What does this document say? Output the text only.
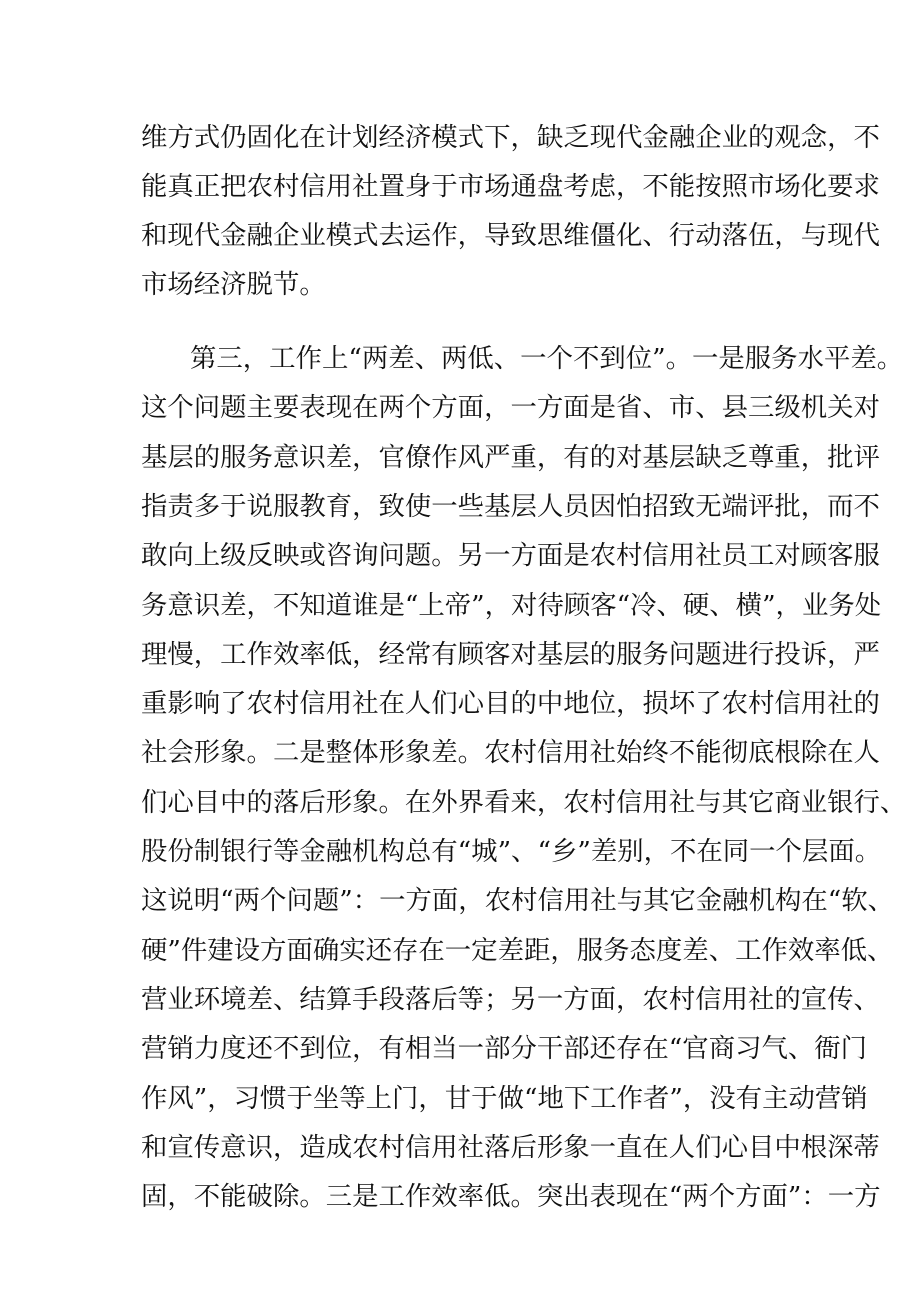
维方式仍固化在计划经济模式下，缺乏现代金融企业的观念，不
能真正把农村信用社置身于市场通盘考虑，不能按照市场化要求
和现代金融企业模式去运作，导致思维僵化、行动落伍，与现代
市场经济脱节。
第三，工作上“两差、两低、一个不到位”。一是服务水平差。
这个问题主要表现在两个方面，一方面是省、市、县三级机关对
基层的服务意识差，官僚作风严重，有的对基层缺乏尊重，批评
指责多于说服教育，致使一些基层人员因怕招致无端评批，而不
敢向上级反映或咨询问题。另一方面是农村信用社员工对顾客服
务意识差，不知道谁是“上帝”，对待顾客“冷、硬、横”，业务处
理慢，工作效率低，经常有顾客对基层的服务问题进行投诉，严
重影响了农村信用社在人们心目的中地位，损坏了农村信用社的
社会形象。二是整体形象差。农村信用社始终不能彻底根除在人
们心目中的落后形象。在外界看来，农村信用社与其它商业银行、
股份制银行等金融机构总有“城”、“乡”差别，不在同一个层面。
这说明“两个问题”：一方面，农村信用社与其它金融机构在“软、
硬”件建设方面确实还存在一定差距，服务态度差、工作效率低、
营业环境差、结算手段落后等；另一方面，农村信用社的宣传、
营销力度还不到位，有相当一部分干部还存在“官商习气、衙门
作风”，习惯于坐等上门，甘于做“地下工作者”，没有主动营销
和宣传意识，造成农村信用社落后形象一直在人们心目中根深蒂
固，不能破除。三是工作效率低。突出表现在“两个方面”：一方
